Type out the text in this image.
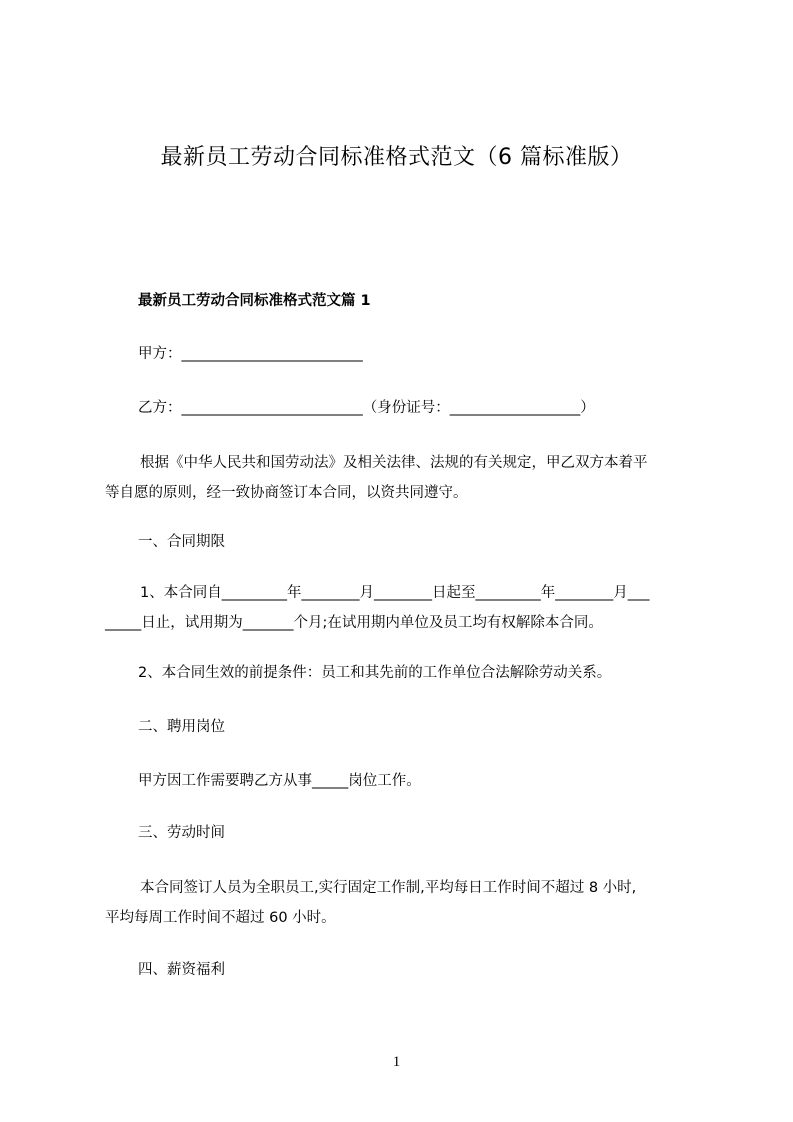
最新员工劳动合同标准格式范文（6 篇标准版）
最新员工劳动合同标准格式范文篇 1
甲方：_________________________
乙方：_________________________（身份证号：__________________）
根据《中华人民共和国劳动法》及相关法律、法规的有关规定，甲乙双方本着平
等自愿的原则，经一致协商签订本合同，以资共同遵守。
一、合同期限
1、本合同自_________年________月________日起至_________年________月___
_____日止，试用期为_______个月;在试用期内单位及员工均有权解除本合同。
2、本合同生效的前提条件：员工和其先前的工作单位合法解除劳动关系。
二、聘用岗位
甲方因工作需要聘乙方从事_____岗位工作。
三、劳动时间
本合同签订人员为全职员工,实行固定工作制,平均每日工作时间不超过 8 小时,
平均每周工作时间不超过 60 小时。
四、薪资福利
1
